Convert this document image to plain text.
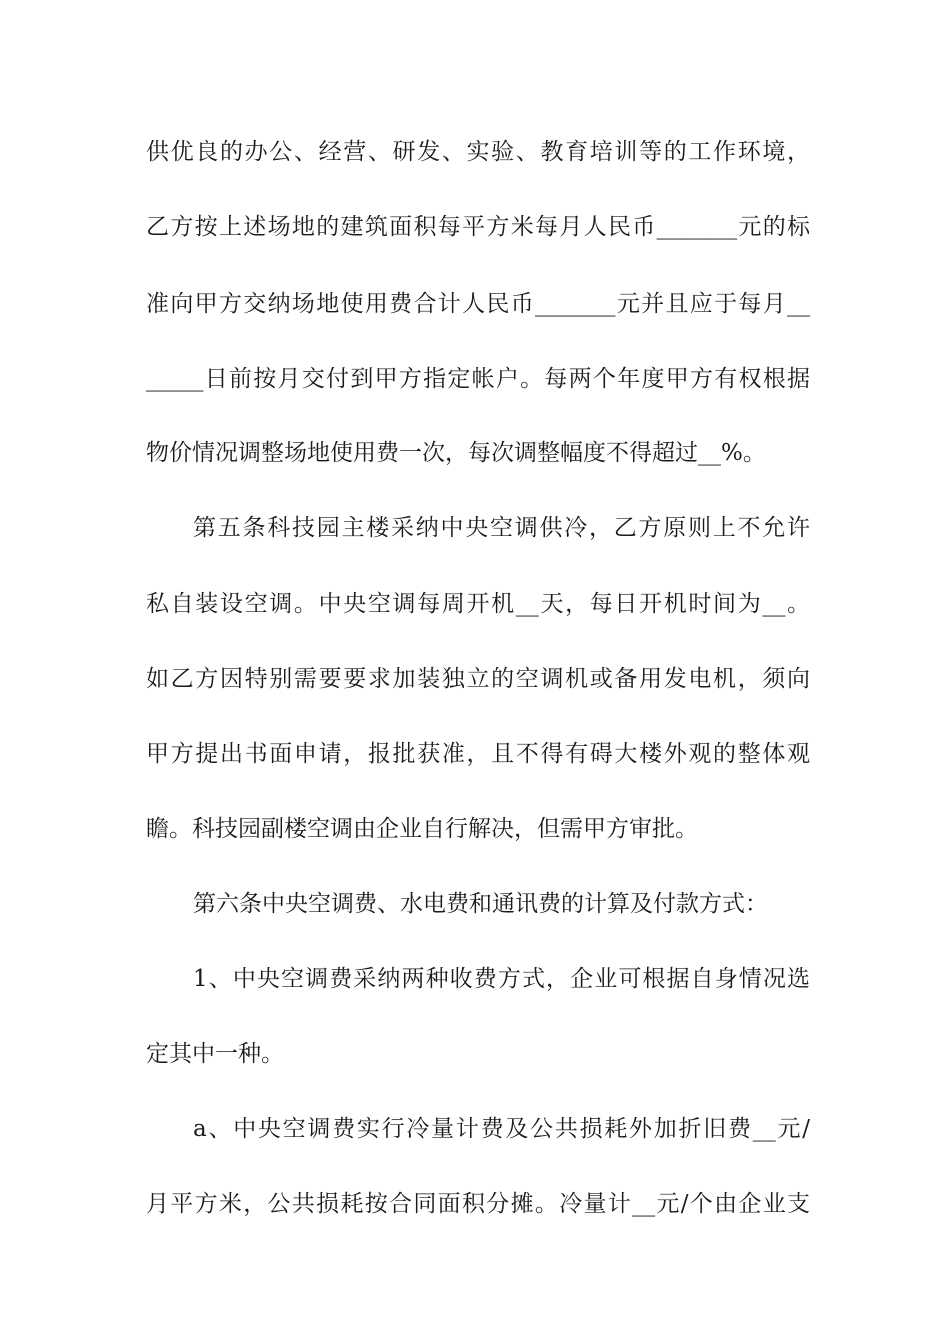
供优良的办公、经营、研发、实验、教育培训等的工作环境，
乙方按上述场地的建筑面积每平方米每月人民币_______元的标
准向甲方交纳场地使用费合计人民币_______元并且应于每月__
_____日前按月交付到甲方指定帐户。每两个年度甲方有权根据
物价情况调整场地使用费一次，每次调整幅度不得超过__%。
第五条科技园主楼采纳中央空调供冷，乙方原则上不允许
私自装设空调。中央空调每周开机__天，每日开机时间为__。
如乙方因特别需要要求加装独立的空调机或备用发电机，须向
甲方提出书面申请，报批获准，且不得有碍大楼外观的整体观
瞻。科技园副楼空调由企业自行解决，但需甲方审批。
第六条中央空调费、水电费和通讯费的计算及付款方式：
1、中央空调费采纳两种收费方式，企业可根据自身情况选
定其中一种。
a、中央空调费实行冷量计费及公共损耗外加折旧费__元/
月平方米，公共损耗按合同面积分摊。冷量计__元/个由企业支
